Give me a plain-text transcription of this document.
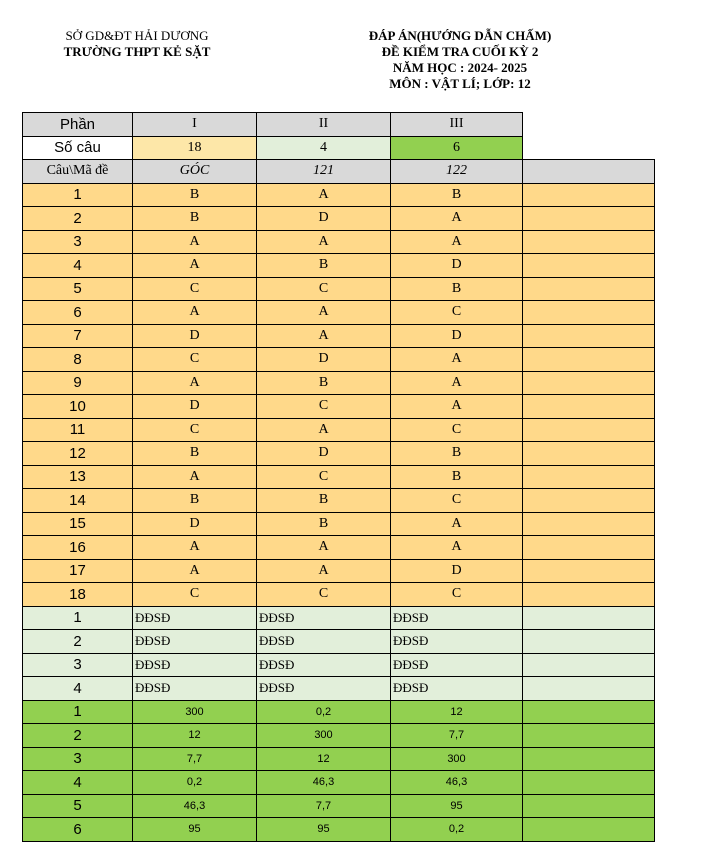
SỞ GD&ĐT HẢI DƯƠNG
TRƯỜNG THPT KẺ SẶT
ĐÁP ÁN(HƯỚNG DẪN CHẤM)
ĐỀ KIỂM TRA CUỐI KỲ 2
NĂM HỌC : 2024- 2025
MÔN : VẬT LÍ; LỚP: 12
Phần	I	II	III	
Số câu	18	4	6	
Câu\Mã đề	GÓC	121	122	
1	B	A	B	
2	B	D	A	
3	A	A	A	
4	A	B	D	
5	C	C	B	
6	A	A	C	
7	D	A	D	
8	C	D	A	
9	A	B	A	
10	D	C	A	
11	C	A	C	
12	B	D	B	
13	A	C	B	
14	B	B	C	
15	D	B	A	
16	A	A	A	
17	A	A	D	
18	C	C	C	
1	ĐĐSĐ	ĐĐSĐ	ĐĐSĐ	
2	ĐĐSĐ	ĐĐSĐ	ĐĐSĐ	
3	ĐĐSĐ	ĐĐSĐ	ĐĐSĐ	
4	ĐĐSĐ	ĐĐSĐ	ĐĐSĐ	
1	300	0,2	12	
2	12	300	7,7	
3	7,7	12	300	
4	0,2	46,3	46,3	
5	46,3	7,7	95	
6	95	95	0,2	
